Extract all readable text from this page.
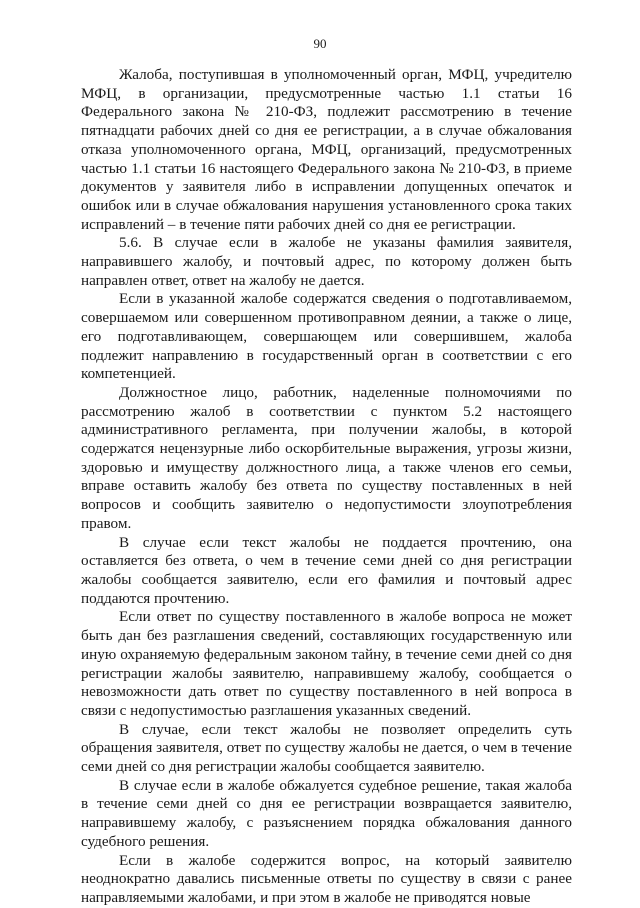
90

Жалоба, поступившая в уполномоченный орган, МФЦ, учредителю МФЦ, в организации, предусмотренные частью 1.1 статьи 16 Федерального закона № 210-ФЗ, подлежит рассмотрению в течение пятнадцати рабочих дней со дня ее регистрации, а в случае обжалования отказа уполномоченного органа, МФЦ, организаций, предусмотренных частью 1.1 статьи 16 настоящего Федерального закона № 210-ФЗ, в приеме документов у заявителя либо в исправлении допущенных опечаток и ошибок или в случае обжалования нарушения установленного срока таких исправлений – в течение пяти рабочих дней со дня ее регистрации.

5.6. В случае если в жалобе не указаны фамилия заявителя, направившего жалобу, и почтовый адрес, по которому должен быть направлен ответ, ответ на жалобу не дается.

Если в указанной жалобе содержатся сведения о подготавливаемом, совершаемом или совершенном противоправном деянии, а также о лице, его подготавливающем, совершающем или совершившем, жалоба подлежит направлению в государственный орган в соответствии с его компетенцией.

Должностное лицо, работник, наделенные полномочиями по рассмотрению жалоб в соответствии с пунктом 5.2 настоящего административного регламента, при получении жалобы, в которой содержатся нецензурные либо оскорбительные выражения, угрозы жизни, здоровью и имуществу должностного лица, а также членов его семьи, вправе оставить жалобу без ответа по существу поставленных в ней вопросов и сообщить заявителю о недопустимости злоупотребления правом.

В случае если текст жалобы не поддается прочтению, она оставляется без ответа, о чем в течение семи дней со дня регистрации жалобы сообщается заявителю, если его фамилия и почтовый адрес поддаются прочтению.

Если ответ по существу поставленного в жалобе вопроса не может быть дан без разглашения сведений, составляющих государственную или иную охраняемую федеральным законом тайну, в течение семи дней со дня регистрации жалобы заявителю, направившему жалобу, сообщается о невозможности дать ответ по существу поставленного в ней вопроса в связи с недопустимостью разглашения указанных сведений.

В случае, если текст жалобы не позволяет определить суть обращения заявителя, ответ по существу жалобы не дается, о чем в течение семи дней со дня регистрации жалобы сообщается заявителю.

В случае если в жалобе обжалуется судебное решение, такая жалоба в течение семи дней со дня ее регистрации возвращается заявителю, направившему жалобу, с разъяснением порядка обжалования данного судебного решения.

Если в жалобе содержится вопрос, на который заявителю неоднократно давались письменные ответы по существу в связи с ранее направляемыми жалобами, и при этом в жалобе не приводятся новые
